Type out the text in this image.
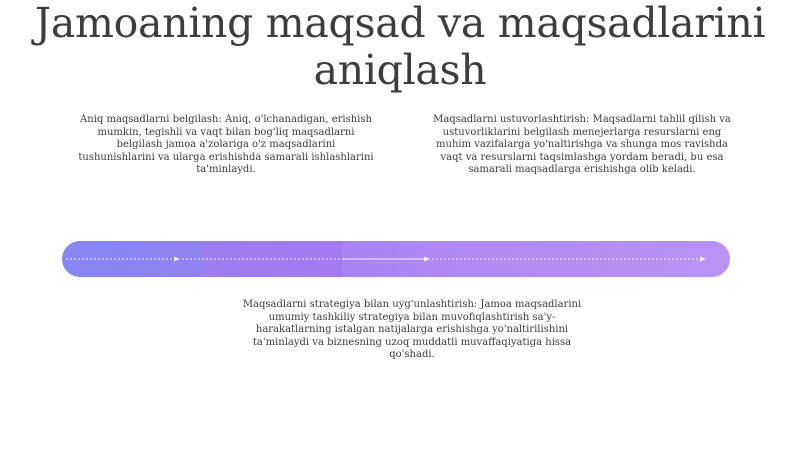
Jamoaning maqsad va maqsadlarini aniqlash

Aniq maqsadlarni belgilash: Aniq, o'lchanadigan, erishish mumkin, tegishli va vaqt bilan bog'liq maqsadlarni belgilash jamoa a'zolariga o'z maqsadlarini tushunishlarini va ularga erishishda samarali ishlashlarini ta'minlaydi.

Maqsadlarni ustuvorlashtirish: Maqsadlarni tahlil qilish va ustuvorliklarini belgilash menejerlarga resurslarni eng muhim vazifalarga yo'naltirishga va shunga mos ravishda vaqt va resurslarni taqsimlashga yordam beradi, bu esa samarali maqsadlarga erishishga olib keladi.

Maqsadlarni strategiya bilan uyg'unlashtirish: Jamoa maqsadlarini umumiy tashkiliy strategiya bilan muvofiqlashtirish sa'y-harakatlarning istalgan natijalarga erishishga yo'naltirilishini ta'minlaydi va biznesning uzoq muddatli muvaffaqiyatiga hissa qo'shadi.
